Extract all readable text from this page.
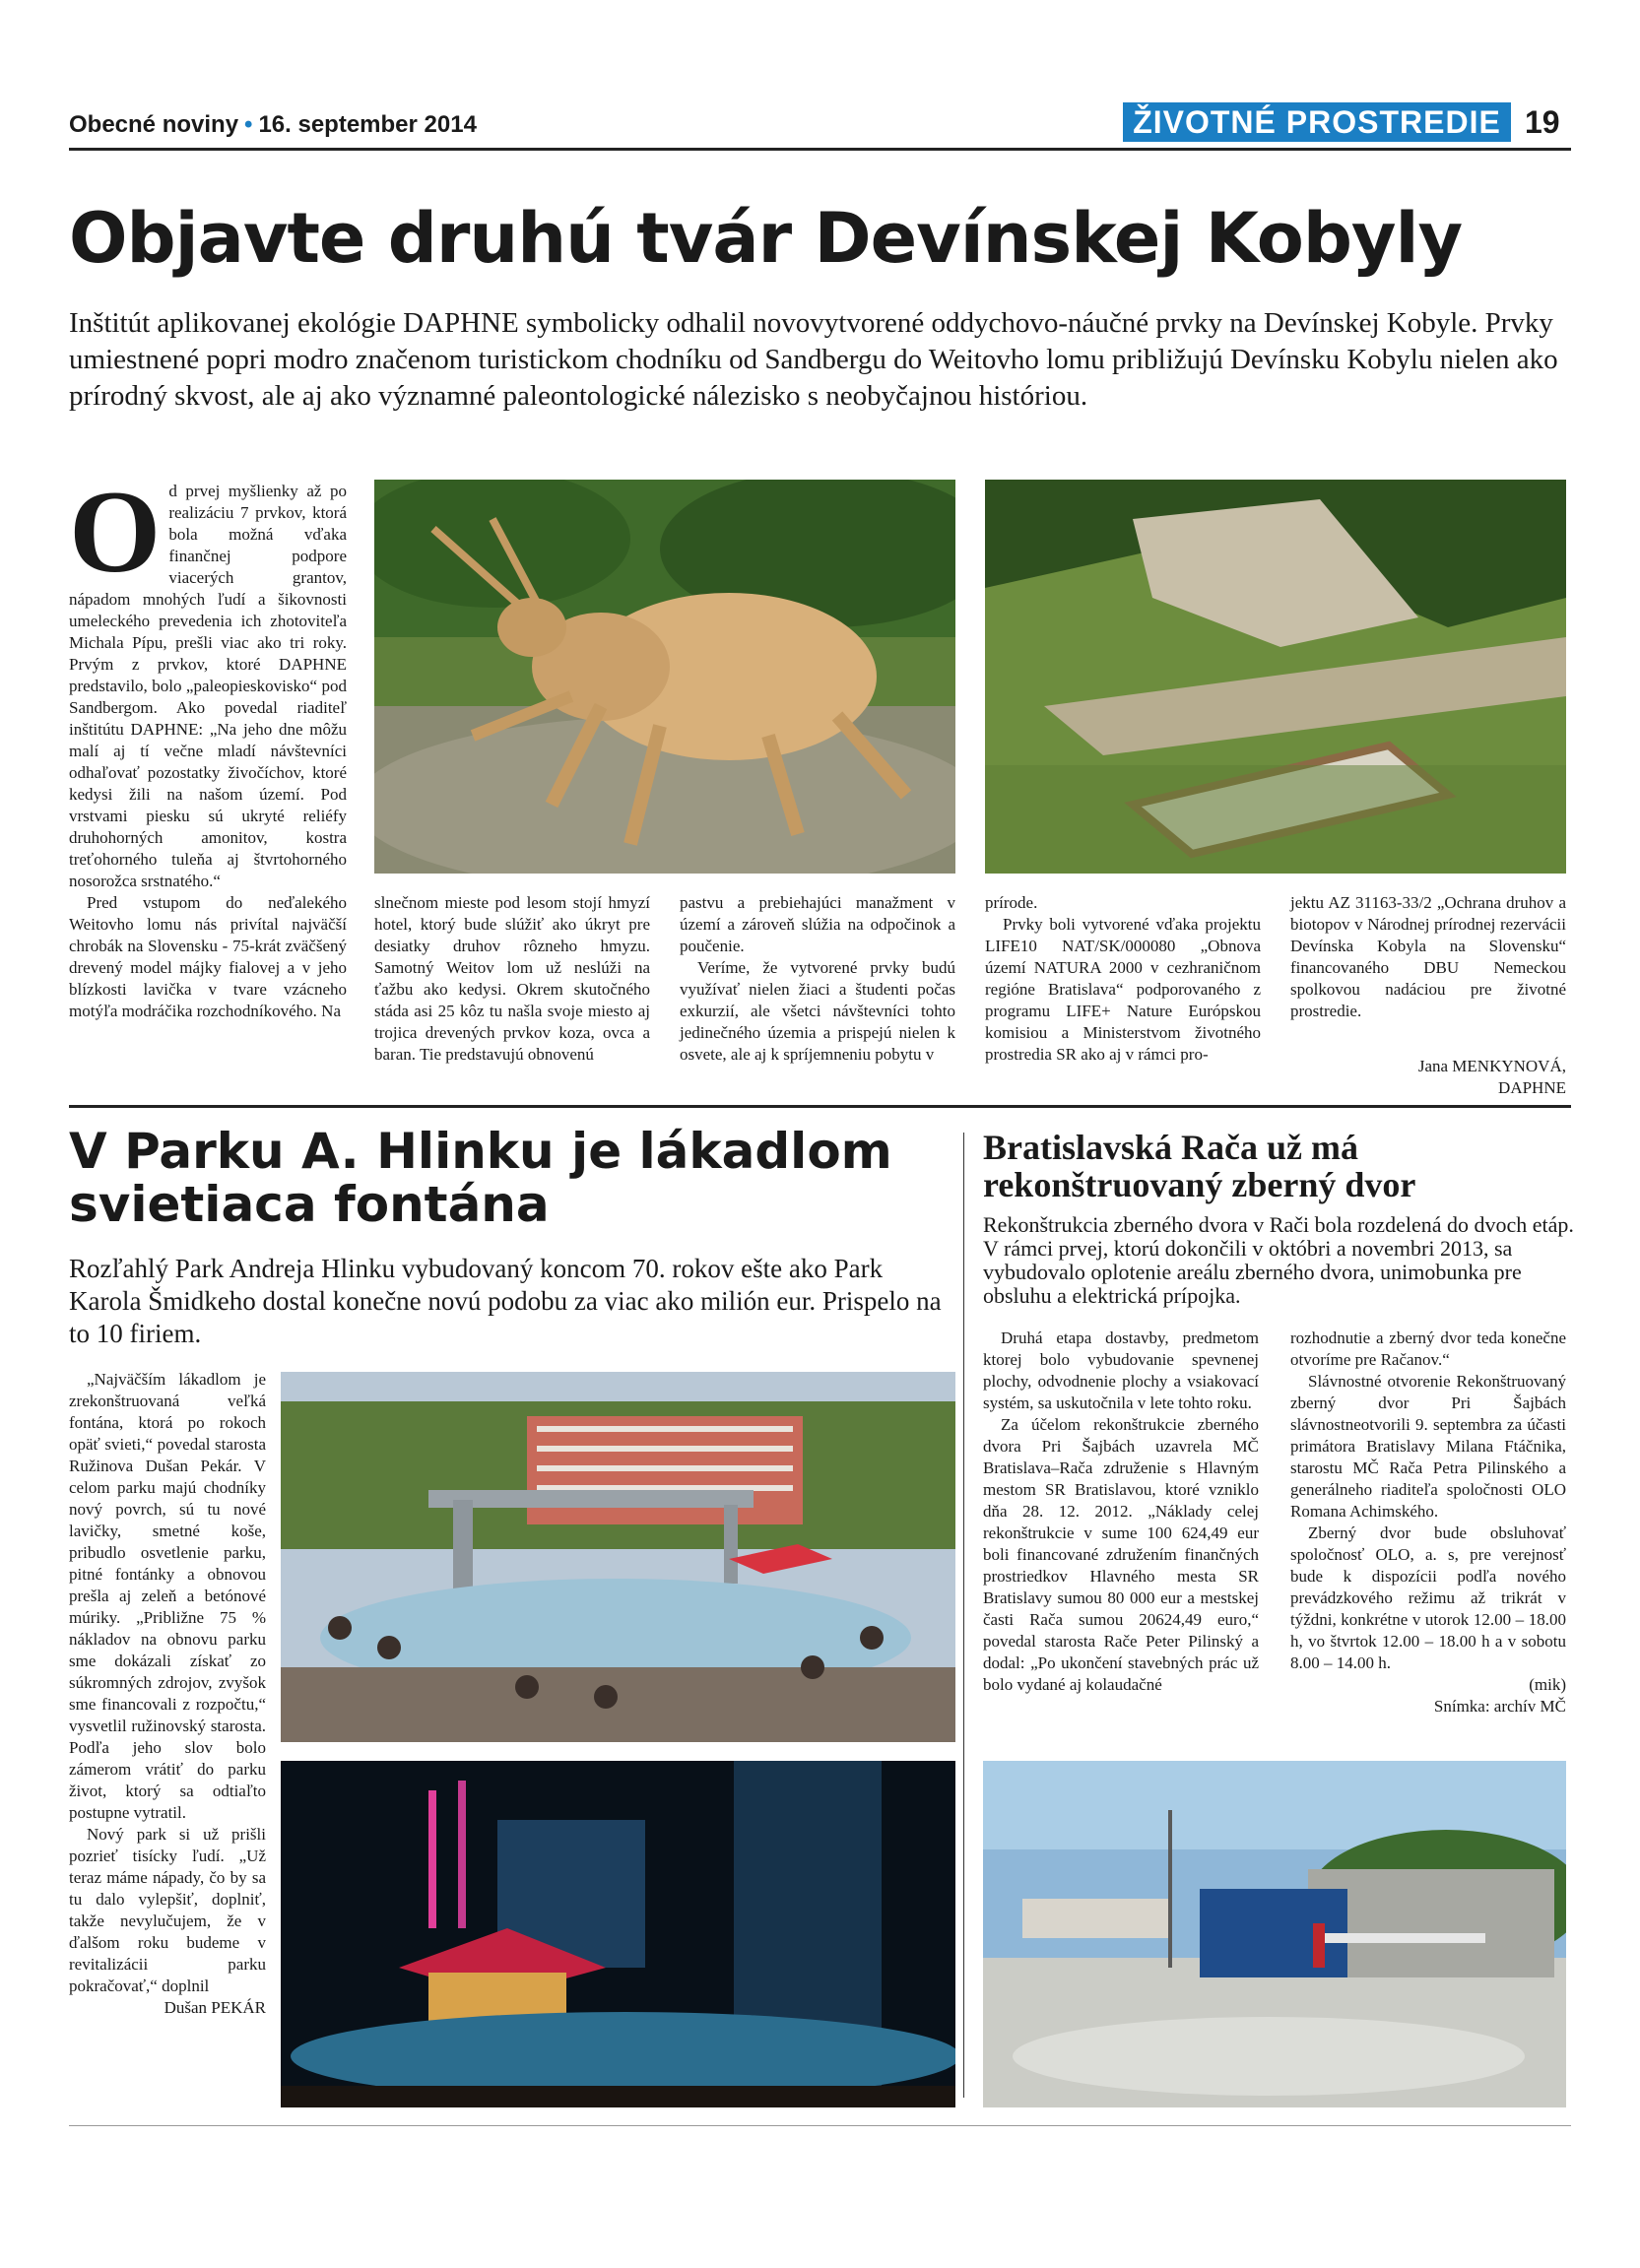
Obecné noviny • 16. september 2014	ŽIVOTNÉ PROSTREDIE 19
Objavte druhú tvár Devínskej Kobyly
Inštitút aplikovanej ekológie DAPHNE symbolicky odhalil novovytvorené oddychovo-náučné prvky na Devínskej Kobyle. Prvky umiestnené popri modro značenom turistickom chodníku od Sandbergu do Weitovho lomu približujú Devínsku Kobylu nielen ako prírodný skvost, ale aj ako významné paleontologické nálezisko s neobyčajnou históriou.

Od prvej myšlienky až po realizáciu 7 prvkov, ktorá bola možná vďaka finančnej podpore viacerých grantov, nápadom mnohých ľudí a šikovnosti umeleckého prevedenia ich zhotoviteľa Michala Pípu, prešli viac ako tri roky. Prvým z prvkov, ktoré DAPHNE predstavilo, bolo „paleopieskovisko“ pod Sandbergom. Ako povedal riaditeľ inštitútu DAPHNE: „Na jeho dne môžu malí aj tí večne mladí návštevníci odhaľovať pozostatky živočíchov, ktoré kedysi žili na našom území. Pod vrstvami piesku sú ukryté reliéfy druhohorných amonitov, kostra treťohorného tuleňa aj štvrtohorného nosorožca srstnatého.“

Pred vstupom do neďalekého Weitovho lomu nás privítal najväčší chrobák na Slovensku - 75-krát zväčšený drevený model májky fialovej a v jeho blízkosti lavička v tvare vzácneho motýľa modráčika rozchodníkového. Na

slnečnom mieste pod lesom stojí hmyzí hotel, ktorý bude slúžiť ako úkryt pre desiatky druhov rôzneho hmyzu. Samotný Weitov lom už neslúži na ťažbu ako kedysi. Okrem skutočného stáda asi 25 kôz tu našla svoje miesto aj trojica drevených prvkov koza, ovca a baran. Tie predstavujú obnovenú

pastvu a prebiehajúci manažment v území a zároveň slúžia na odpočinok a poučenie.

Veríme, že vytvorené prvky budú využívať nielen žiaci a študenti počas exkurzií, ale všetci návštevníci tohto jedinečného územia a prispejú nielen k osvete, ale aj k spríjemneniu pobytu v

prírode.

Prvky boli vytvorené vďaka projektu LIFE10 NAT/SK/000080 „Obnova území NATURA 2000 v cezhraničnom regióne Bratislava“ podporovaného z programu LIFE+ Nature Európskou komisiou a Ministerstvom životného prostredia SR ako aj v rámci pro-

jektu AZ 31163-33/2 „Ochrana druhov a biotopov v Národnej prírodnej rezervácii Devínska Kobyla na Slovensku“ financovaného DBU Nemeckou spolkovou nadáciou pre životné prostredie.

Jana MENKYNOVÁ,
DAPHNE
V Parku A. Hlinku je lákadlom
svietiaca fontána
Rozľahlý Park Andreja Hlinku vybudovaný koncom 70. rokov ešte ako Park Karola Šmidkeho dostal konečne novú podobu za viac ako milión eur. Prispelo na to 10 firiem.

„Najväčším lákadlom je zrekonštruovaná veľká fontána, ktorá po rokoch opäť svieti,“ povedal starosta Ružinova Dušan Pekár. V celom parku majú chodníky nový povrch, sú tu nové lavičky, smetné koše, pribudlo osvetlenie parku, pitné fontánky a obnovou prešla aj zeleň a betónové múriky. „Približne 75 % nákladov na obnovu parku sme dokázali získať zo súkromných zdrojov, zvyšok sme financovali z rozpočtu,“ vysvetlil ružinovský starosta. Podľa jeho slov bolo zámerom vrátiť do parku život, ktorý sa odtiaľto postupne vytratil.

Nový park si už prišli pozrieť tisícky ľudí. „Už teraz máme nápady, čo by sa tu dalo vylepšiť, doplniť, takže nevylučujem, že v ďalšom roku budeme v revitalizácii parku pokračovať,“ doplnil

Dušan PEKÁR
Bratislavská Rača už má
rekonštruovaný zberný dvor
Rekonštrukcia zberného dvora v Rači bola rozdelená do dvoch etáp. V rámci prvej, ktorú dokončili v októbri a novembri 2013, sa vybudovalo oplotenie areálu zberného dvora, unimobunka pre obsluhu a elektrická prípojka.

Druhá etapa dostavby, predmetom ktorej bolo vybudovanie spevnenej plochy, odvodnenie plochy a vsiakovací systém, sa uskutočnila v lete tohto roku.

Za účelom rekonštrukcie zberného dvora Pri Šajbách uzavrela MČ Bratislava–Rača združenie s Hlavným mestom SR Bratislavou, ktoré vzniklo dňa 28. 12. 2012. „Náklady celej rekonštrukcie v sume 100 624,49 eur boli financované združením finančných prostriedkov Hlavného mesta SR Bratislavy sumou 80 000 eur a mestskej časti Rača sumou 20624,49 euro,“ povedal starosta Rače Peter Pilinský a dodal: „Po ukončení stavebných prác už bolo vydané aj kolaudačné

rozhodnutie a zberný dvor teda konečne otvoríme pre Račanov.“

Slávnostné otvorenie Rekonštruovaný zberný dvor Pri Šajbách slávnostneotvorili 9. septembra za účasti primátora Bratislavy Milana Ftáčnika, starostu MČ Rača Petra Pilinského a generálneho riaditeľa spoločnosti OLO Romana Achimského.

Zberný dvor bude obsluhovať spoločnosť OLO, a. s, pre verejnosť bude k dispozícii podľa nového prevádzkového režimu až trikrát v týždni, konkrétne v utorok 12.00 – 18.00 h, vo štvrtok 12.00 – 18.00 h a v sobotu 8.00 – 14.00 h.

(mik)
Snímka: archív MČ
